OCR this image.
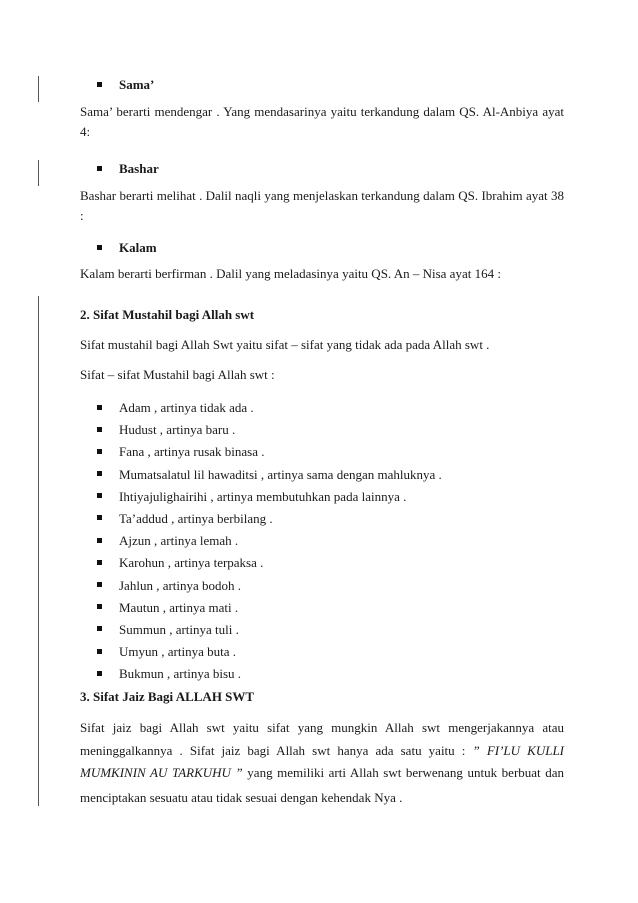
Sama’
Sama’ berarti mendengar . Yang mendasarinya yaitu terkandung dalam QS. Al-Anbiya ayat
4:
Bashar
Bashar berarti melihat . Dalil naqli yang menjelaskan terkandung dalam QS. Ibrahim ayat 38
:
Kalam
Kalam berarti berfirman . Dalil yang meladasinya yaitu QS. An – Nisa ayat 164 :
2. Sifat Mustahil bagi Allah swt
Sifat mustahil bagi Allah Swt yaitu sifat – sifat yang tidak ada pada Allah swt .
Sifat – sifat Mustahil bagi Allah swt :
Adam , artinya tidak ada .
Hudust , artinya baru .
Fana , artinya rusak binasa .
Mumatsalatul lil hawaditsi , artinya sama dengan mahluknya .
Ihtiyajulighairihi , artinya membutuhkan pada lainnya .
Ta’addud , artinya berbilang .
Ajzun , artinya lemah .
Karohun , artinya terpaksa .
Jahlun , artinya bodoh .
Mautun , artinya mati .
Summun , artinya tuli .
Umyun , artinya buta .
Bukmun , artinya bisu .
3. Sifat Jaiz Bagi ALLAH SWT
Sifat jaiz bagi Allah swt yaitu sifat yang mungkin Allah swt mengerjakannya atau
meninggalkannya . Sifat jaiz bagi Allah swt hanya ada satu yaitu : ” FI’LU KULLI
MUMKININ AU TARKUHU ” yang memiliki arti Allah swt berwenang untuk berbuat dan
menciptakan sesuatu atau tidak sesuai dengan kehendak Nya .
